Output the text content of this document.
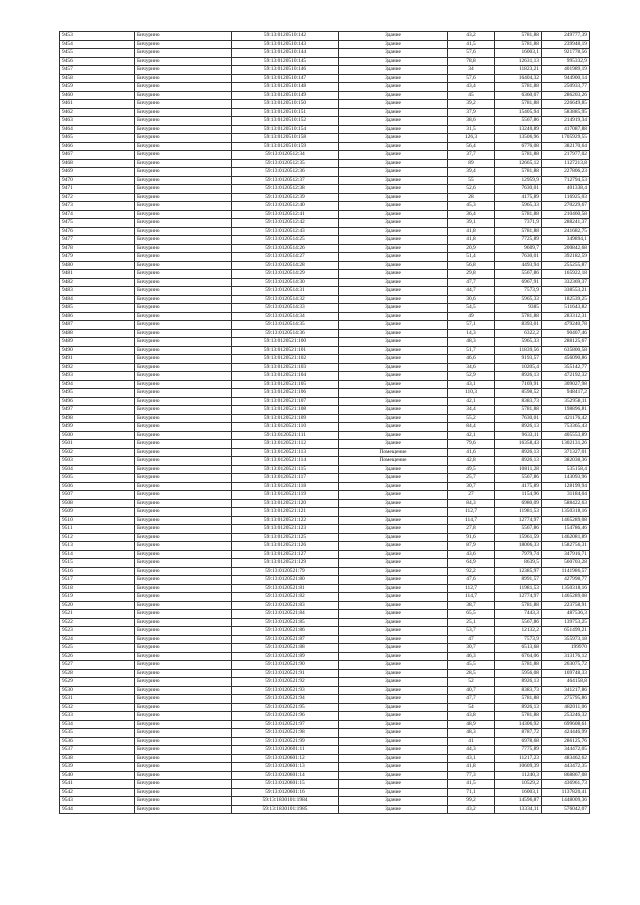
9453	Бичурино	59:13:0120510:142	Здание	43,2	5781,88	249777,39
9454	Бичурино	59:13:0120510:143	Здание	41,5	5781,88	239948,19
9455	Бичурино	59:13:0120510:144	Здание	57,6	16003,1	921778,56
9456	Бичурино	59:13:0120510:145	Здание	78,8	12631,13	995332,9
9457	Бичурино	59:13:0120510:146	Здание	34	11823,21	401989,19
9458	Бичурино	59:13:0120510:147	Здание	57,6	16404,32	944900,14
9459	Бичурино	59:13:0120510:148	Здание	43,4	5781,88	250933,77
9460	Бичурино	59:13:0120510:149	Здание	45	6360,07	286203,26
9461	Бичурино	59:13:0120510:150	Здание	39,2	5781,88	226649,85
9462	Бичурино	59:13:0120510:151	Здание	37,9	15405,94	583885,95
9463	Бичурино	59:13:0120510:152	Здание	38,6	5567,86	214919,34
9464	Бичурино	59:13:0120510:154	Здание	31,5	13240,89	417087,88
9465	Бичурино	59:13:0120510:158	Здание	126,3	13506,96	1705929,55
9466	Бичурино	59:13:0120510:159	Здание	56,4	6776,08	382170,64
9467	Бичурино	59:13:0120512:34	Здание	37,7	5781,88	217977,02
9468	Бичурино	59:13:0120512:35	Здание	89	12665,12	1127213,8
9469	Бичурино	59:13:0120512:36	Здание	39,4	5781,88	227806,23
9470	Бичурино	59:13:0120512:37	Здание	55	12959,9	712794,53
9471	Бичурино	59:13:0120512:38	Здание	52,6	7630,01	401338,4
9472	Бичурино	59:13:0120512:39	Здание	28	4175,89	116925,03
9473	Бичурино	59:13:0120512:40	Здание	45,3	5965,33	270229,67
9474	Бичурино	59:13:0120512:41	Здание	36,4	5781,88	210460,58
9475	Бичурино	59:13:0120512:42	Здание	39,1	7371,9	288241,37
9476	Бичурино	59:13:0120512:43	Здание	41,8	5781,88	241682,75
9477	Бичурино	59:13:0120514:25	Здание	41,8	7725,89	349894,1
9478	Бичурино	59:13:0120514:26	Здание	20,9	9609,7	200842,68
9479	Бичурино	59:13:0120514:27	Здание	51,4	7630,01	392182,59
9480	Бичурино	59:13:0120514:28	Здание	56,8	4493,94	255255,87
9481	Бичурино	59:13:0120514:29	Здание	29,8	5567,86	165922,18
9482	Бичурино	59:13:0120514:30	Здание	47,7	6967,91	332369,37
9483	Бичурино	59:13:0120514:31	Здание	44,7	7573,9	338553,21
9484	Бичурино	59:13:0120514:32	Здание	30,6	5965,33	182539,25
9485	Бичурино	59:13:0120514:33	Здание	54,5	9385	511643,82
9486	Бичурино	59:13:0120514:34	Здание	49	5781,88	283312,31
9487	Бичурино	59:13:0120514:35	Здание	57,1	8393,01	479240,78
9488	Бичурино	59:13:0120514:36	Здание	14,3	6322,2	90407,46
9489	Бичурино	59:13:0120521:100	Здание	48,3	5965,33	288125,67
9490	Бичурино	59:13:0120521:101	Здание	51,7	11839,56	635800,58
9491	Бичурино	59:13:0120521:102	Здание	46,6	9193,57	456090,86
9492	Бичурино	59:13:0120521:103	Здание	34,6	10205,4	355142,77
9493	Бичурино	59:13:0120521:104	Здание	52,9	8926,13	472192,32
9494	Бичурино	59:13:0120521:105	Здание	43,1	7169,91	309027,98
9495	Бичурино	59:13:0120521:106	Здание	110,3	8598,52	948417,2
9496	Бичурино	59:13:0120521:107	Здание	42,1	8383,73	352958,11
9497	Бичурино	59:13:0120521:108	Здание	34,4	5781,88	198896,81
9498	Бичурино	59:13:0120521:109	Здание	55,2	7630,01	421176,42
9499	Бичурино	59:13:0120521:110	Здание	84,4	8926,13	753365,43
9500	Бичурино	59:13:0120521:111	Здание	42,1	9633,11	405553,89
9501	Бичурино	59:13:0120521:112	Здание	79,6	16358,43	1302131,26
9502	Бичурино	59:13:0120521:113	Помещение	41,6	8926,13	371327,01
9503	Бичурино	59:13:0120521:114	Помещение	42,8	8926,13	382038,36
9504	Бичурино	59:13:0120521:115	Здание	49,5	10811,28	535158,4
9505	Бичурино	59:13:0120521:117	Здание	25,7	5567,86	143093,96
9506	Бичурино	59:13:0120521:118	Здание	30,7	4175,89	128199,94
9507	Бичурино	59:13:0120521:119	Здание	27	1154,96	31184,04
9508	Бичурино	59:13:0120521:120	Здание	84,3	6980,09	588422,63
9509	Бичурино	59:13:0120521:121	Здание	112,7	11981,53	1350318,16
9510	Бичурино	59:13:0120521:122	Здание	114,7	12774,97	1465289,08
9511	Бичурино	59:13:0120521:123	Здание	27,8	5567,86	154786,46
9512	Бичурино	59:13:0120521:125	Здание	91,6	15961,59	1462081,89
9513	Бичурино	59:13:0120521:126	Здание	87,9	18006,33	1582756,31
9514	Бичурино	59:13:0120521:127	Здание	43,6	7979,74	347916,71
9515	Бичурино	59:13:0120521:129	Здание	64,9	8639,5	560703,28
9516	Бичурино	59:13:0120521:79	Здание	92,2	12385,97	1141986,57
9517	Бичурино	59:13:0120521:80	Здание	47,6	8991,57	427998,77
9518	Бичурино	59:13:0120521:81	Здание	112,7	11981,53	1350318,16
9519	Бичурино	59:13:0120521:82	Здание	114,7	12774,97	1465289,08
9520	Бичурино	59:13:0120521:83	Здание	38,7	5781,88	223758,91
9521	Бичурино	59:13:0120521:84	Здание	65,5	7443,3	487536,3
9522	Бичурино	59:13:0120521:85	Здание	25,1	5567,86	139753,25
9523	Бичурино	59:13:0120521:86	Здание	53,7	12132,2	651499,21
9524	Бичурино	59:13:0120521:87	Здание	47	7573,9	355973,18
9525	Бичурино	59:13:0120521:88	Здание	30,7	6513,68	199970
9526	Бичурино	59:13:0120521:89	Здание	46,3	6764,06	313176,12
9527	Бичурино	59:13:0120521:90	Здание	45,5	5781,88	263075,72
9528	Бичурино	59:13:0120521:91	Здание	28,5	5956,08	169748,33
9529	Бичурино	59:13:0120521:92	Здание	52	8926,13	464158,8
9530	Бичурино	59:13:0120521:93	Здание	40,7	8383,73	341217,86
9531	Бичурино	59:13:0120521:94	Здание	47,7	5781,88	275795,86
9532	Бичурино	59:13:0120521:95	Здание	54	8926,13	482011,06
9533	Бичурино	59:13:0120521:96	Здание	43,8	5781,88	253246,32
9534	Бичурино	59:13:0120521:97	Здание	48,9	14306,92	699608,61
9535	Бичурино	59:13:0120521:98	Здание	48,3	8787,72	424446,99
9536	Бичурино	59:13:0120521:99	Здание	41	6978,68	286125,76
9537	Бичурино	59:13:0120601:11	Здание	44,3	7775,89	344472,05
9538	Бичурино	59:13:0120601:12	Здание	43,1	11217,23	483462,62
9539	Бичурино	59:13:0120601:13	Здание	41,8	10609,39	443472,35
9540	Бичурино	59:13:0120601:14	Здание	77,3	11240,3	868867,08
9541	Бичурино	59:13:0120601:15	Здание	41,5	10529,2	436961,73
9542	Бичурино	59:13:0120601:16	Здание	71,1	16003,1	1137820,41
9543	Бичурино	59:13:1830101:1984	Здание	99,2	14596,87	1448009,36
9544	Бичурино	59:13:1830101:1985	Здание	43,2	13334,11	576042,07
